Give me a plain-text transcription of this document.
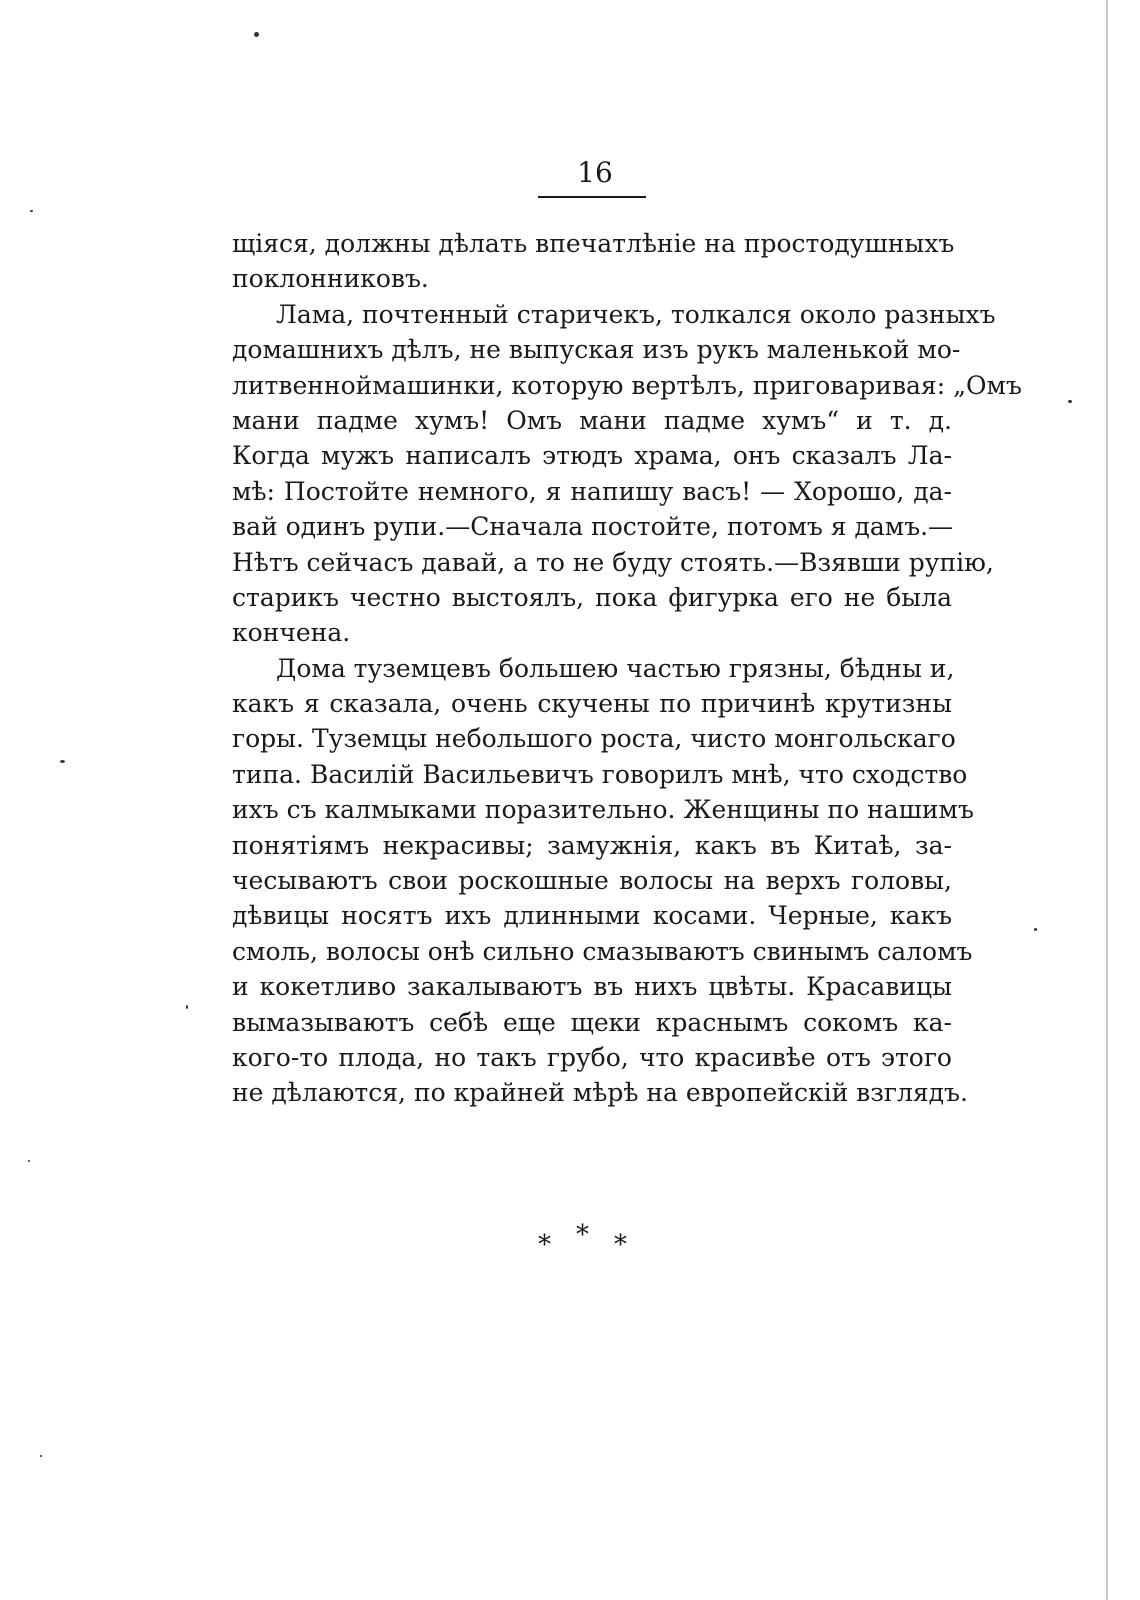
16
щіяся, должны дѣлать впечатлѣніе на простодушныхъ
поклонниковъ.
Лама, почтенный старичекъ, толкался около разныхъ
домашнихъ дѣлъ, не выпуская изъ рукъ маленькой мо-
литвенноймашинки, которую вертѣлъ, приговаривая: „Омъ
мани падме хумъ! Омъ мани падме хумъ“ и т. д.
Когда мужъ написалъ этюдъ храма, онъ сказалъ Ла-
мѣ: Постойте немного, я напишу васъ! — Хорошо, да-
вай одинъ рупи.—Сначала постойте, потомъ я дамъ.—
Нѣтъ сейчасъ давай, а то не буду стоять.—Взявши рупію,
старикъ честно выстоялъ, пока фигурка его не была
кончена.
Дома туземцевъ большею частью грязны, бѣдны и,
какъ я сказала, очень скучены по причинѣ крутизны
горы. Туземцы небольшого роста, чисто монгольскаго
типа. Василій Васильевичъ говорилъ мнѣ, что сходство
ихъ съ калмыками поразительно. Женщины по нашимъ
понятіямъ некрасивы; замужнія, какъ въ Китаѣ, за-
чесываютъ свои роскошные волосы на верхъ головы,
дѣвицы носятъ ихъ длинными косами. Черные, какъ
смоль, волосы онѣ сильно смазываютъ свинымъ саломъ
и кокетливо закалываютъ въ нихъ цвѣты. Красавицы
вымазываютъ себѣ еще щеки краснымъ сокомъ ка-
кого-то плода, но такъ грубо, что красивѣе отъ этого
не дѣлаются, по крайней мѣрѣ на европейскій взглядъ.
* * *
